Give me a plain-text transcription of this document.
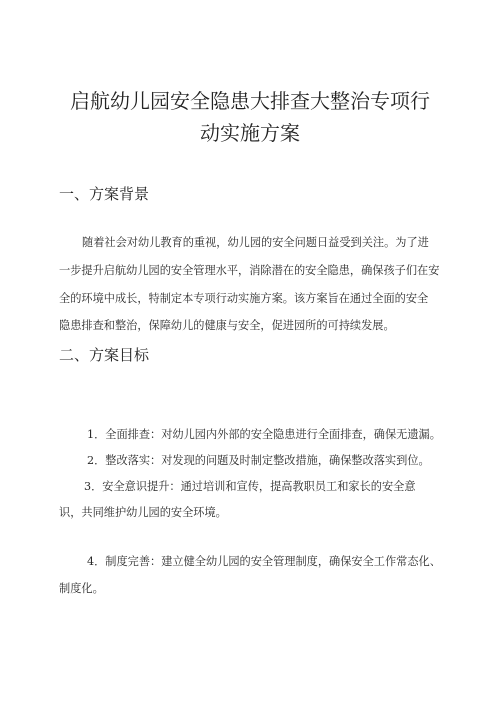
启航幼儿园安全隐患大排查大整治专项行
动实施方案
一、方案背景
随着社会对幼儿教育的重视，幼儿园的安全问题日益受到关注。为了进
一步提升启航幼儿园的安全管理水平，消除潜在的安全隐患，确保孩子们在安
全的环境中成长，特制定本专项行动实施方案。该方案旨在通过全面的安全
隐患排查和整治，保障幼儿的健康与安全，促进园所的可持续发展。
二、方案目标
1．全面排查：对幼儿园内外部的安全隐患进行全面排查，确保无遗漏。
2．整改落实：对发现的问题及时制定整改措施，确保整改落实到位。
3．安全意识提升：通过培训和宣传，提高教职员工和家长的安全意
识，共同维护幼儿园的安全环境。
4．制度完善：建立健全幼儿园的安全管理制度，确保安全工作常态化、
制度化。
